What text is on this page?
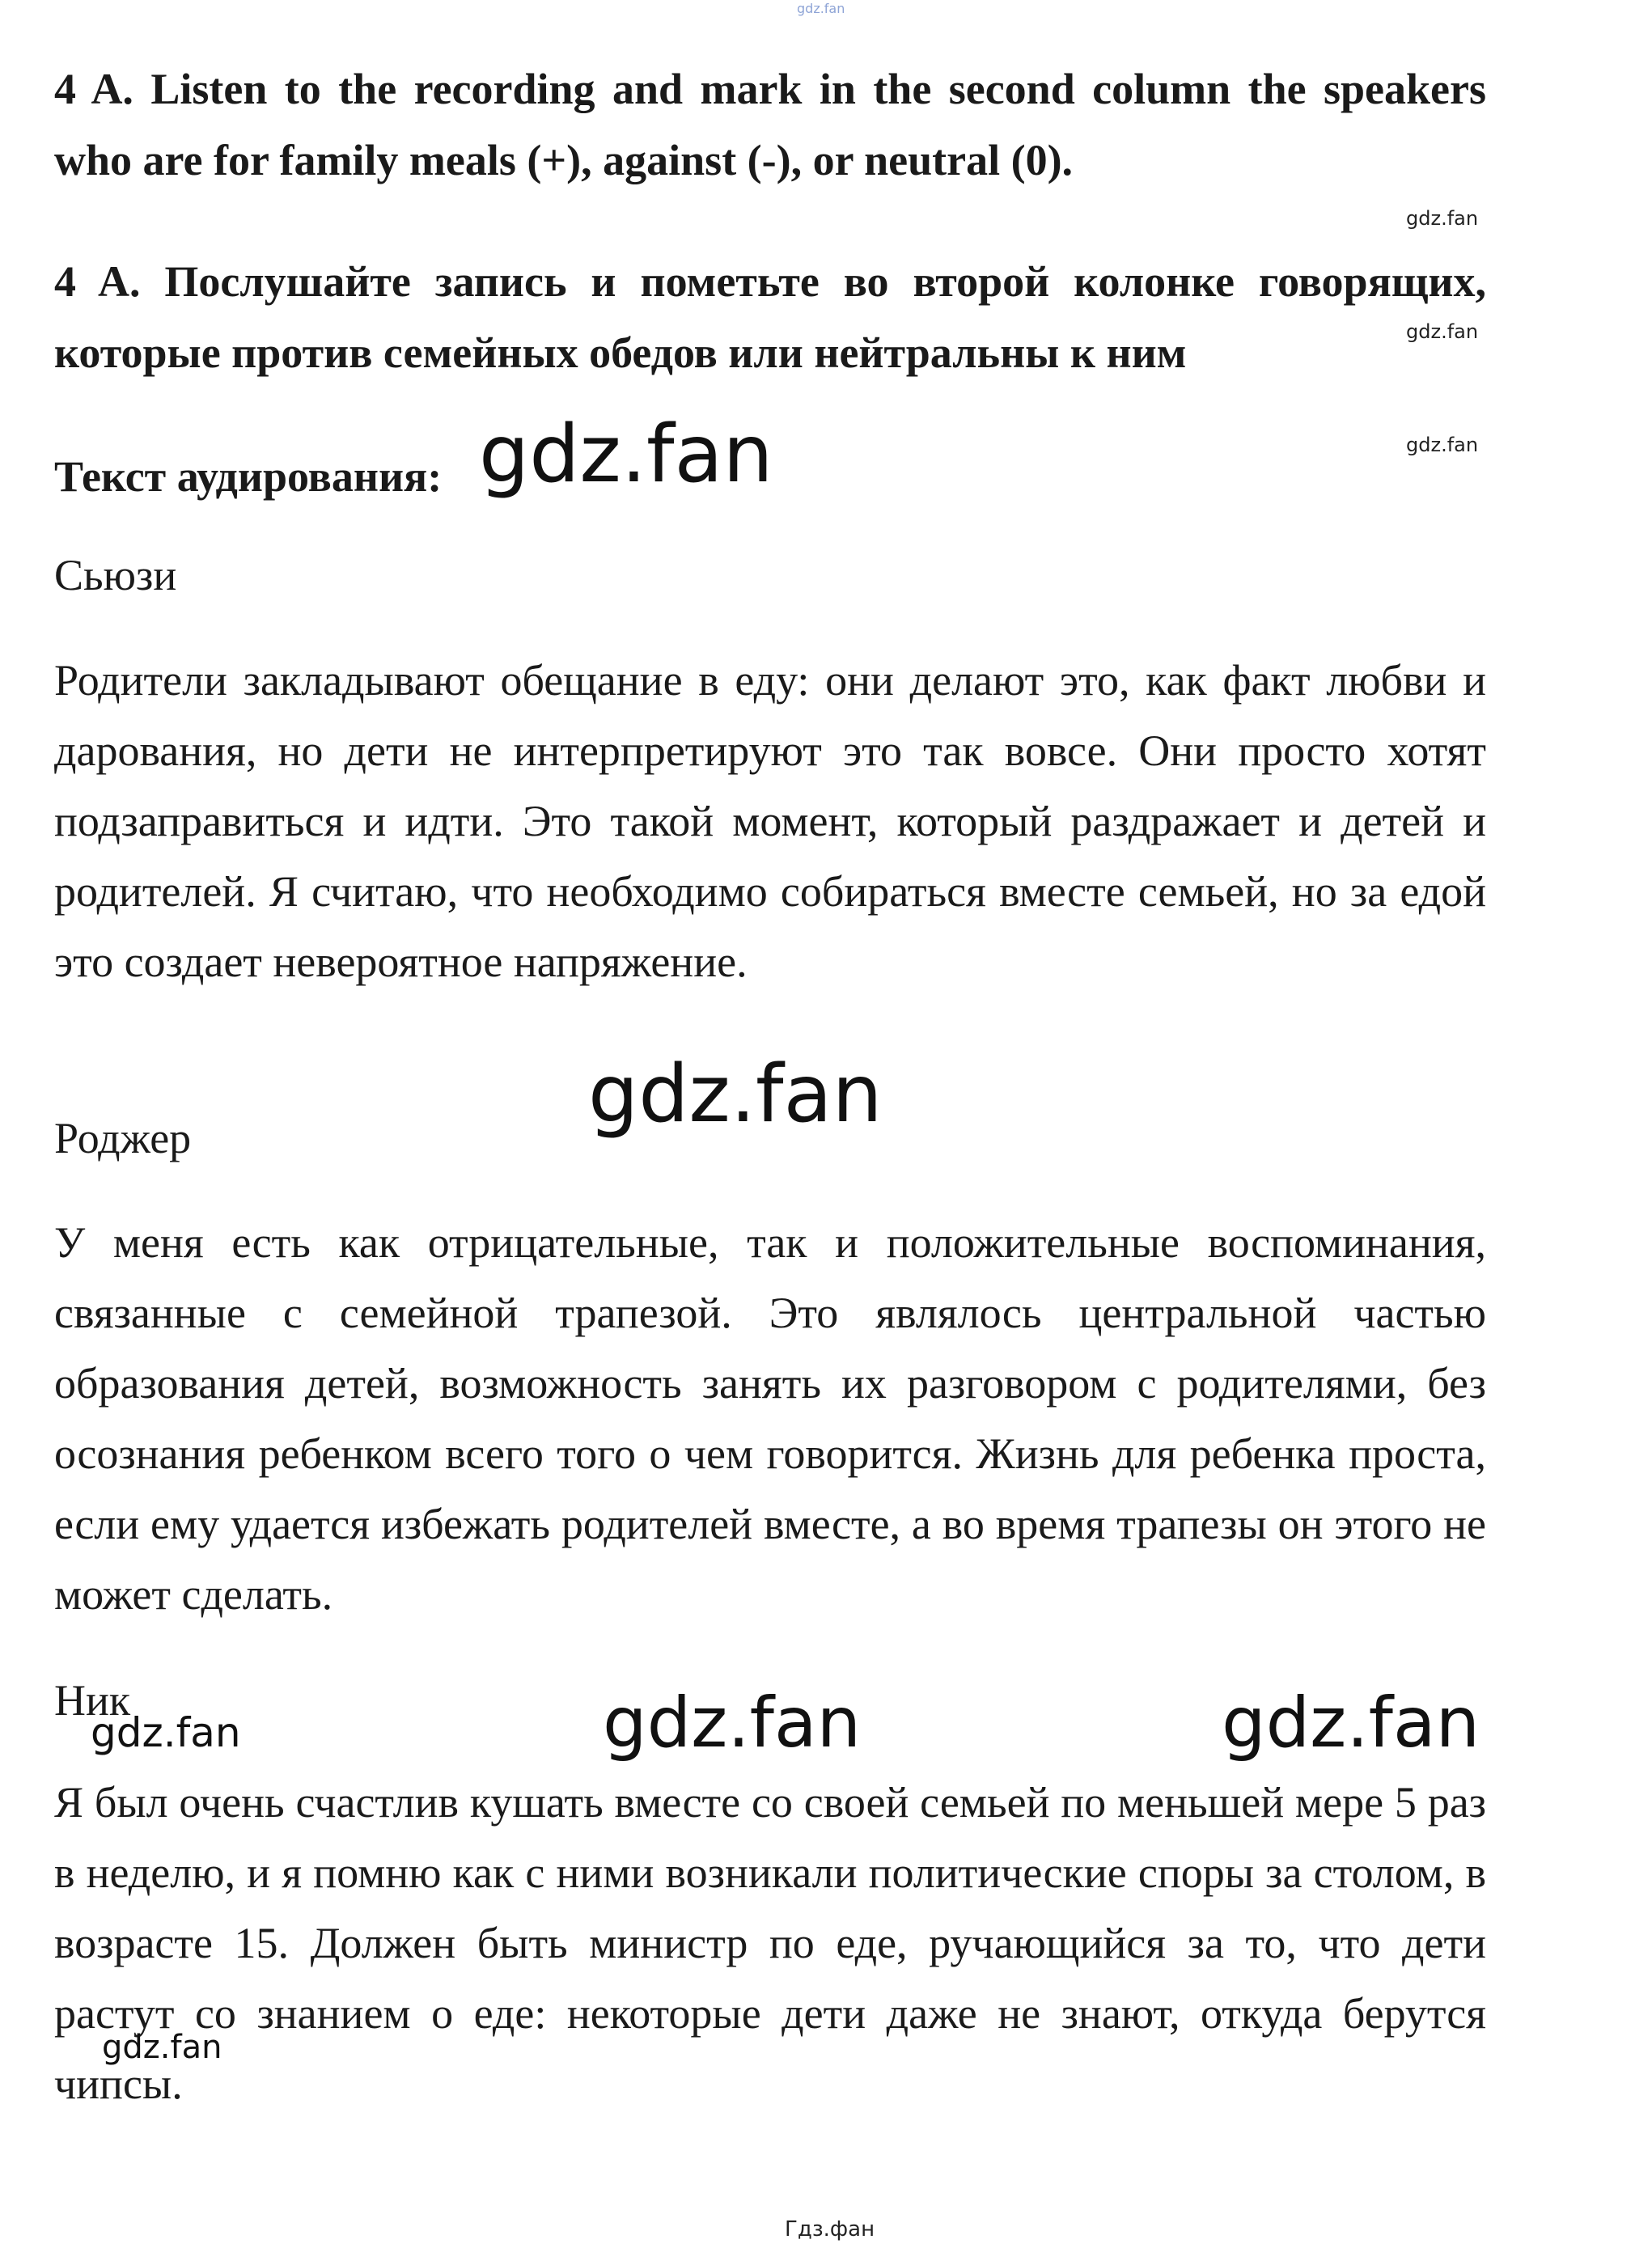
gdz.fan
4 A. Listen to the recording and mark in the second column the speakers who are for family meals (+), against (-), or neutral (0).
gdz.fan
4 A. Послушайте запись и пометьте во второй колонке говорящих, которые против семейных обедов или нейтральны к ним	gdz.fan
gdz.fan
Текст аудирования: gdz.fan
Сьюзи
Родители закладывают обещание в еду: они делают это, как факт любви и дарования, но дети не интерпретируют это так вовсе. Они просто хотят подзаправиться и идти. Это такой момент, который раздражает и детей и родителей. Я считаю, что необходимо собираться вместе семьей, но за едой это создает невероятное напряжение.
gdz.fan
Роджер
У меня есть как отрицательные, так и положительные воспоминания, связанные с семейной трапезой. Это являлось центральной частью образования детей, возможность занять их разговором с родителями, без осознания ребенком всего того о чем говорится. Жизнь для ребенка проста, если ему удается избежать родителей вместе, а во время трапезы он этого не может сделать.
Ник
gdz.fan	gdz.fan	gdz.fan
Я был очень счастлив кушать вместе со своей семьей по меньшей мере 5 раз в неделю, и я помню как с ними возникали политические споры за столом, в возрасте 15. Должен быть министр по еде, ручающийся за то, что дети растут со знанием о еде: некоторые дети даже не знают, откуда берутся чипсы.
gdz.fan
Гдз.фан
